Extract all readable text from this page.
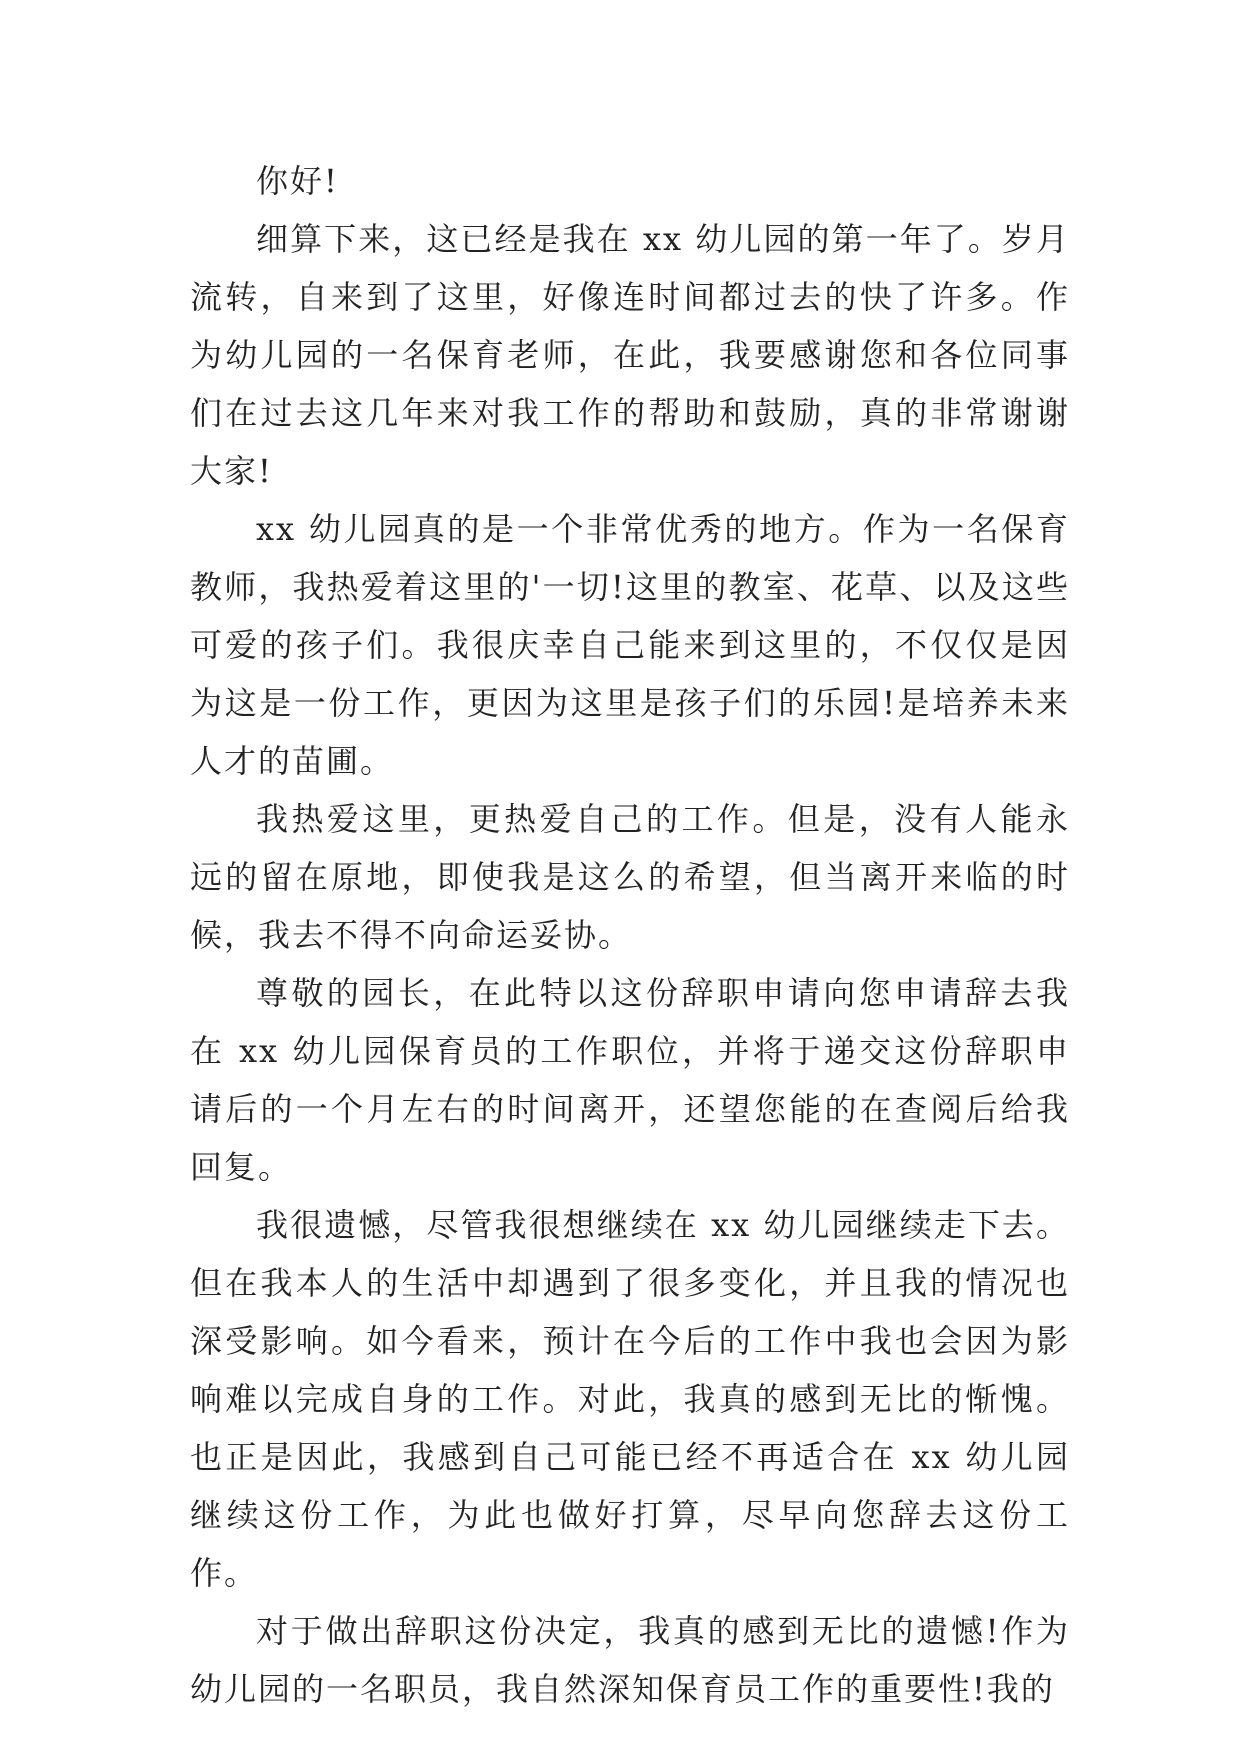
你好!

细算下来，这已经是我在 xx 幼儿园的第一年了。岁月流转，自来到了这里，好像连时间都过去的快了许多。作为幼儿园的一名保育老师，在此，我要感谢您和各位同事们在过去这几年来对我工作的帮助和鼓励，真的非常谢谢大家!

xx 幼儿园真的是一个非常优秀的地方。作为一名保育教师，我热爱着这里的'一切!这里的教室、花草、以及这些可爱的孩子们。我很庆幸自己能来到这里的，不仅仅是因为这是一份工作，更因为这里是孩子们的乐园!是培养未来人才的苗圃。

我热爱这里，更热爱自己的工作。但是，没有人能永远的留在原地，即使我是这么的希望，但当离开来临的时候，我去不得不向命运妥协。

尊敬的园长，在此特以这份辞职申请向您申请辞去我在 xx 幼儿园保育员的工作职位，并将于递交这份辞职申请后的一个月左右的时间离开，还望您能的在查阅后给我回复。

我很遗憾，尽管我很想继续在 xx 幼儿园继续走下去。但在我本人的生活中却遇到了很多变化，并且我的情况也深受影响。如今看来，预计在今后的工作中我也会因为影响难以完成自身的工作。对此，我真的感到无比的惭愧。也正是因此，我感到自己可能已经不再适合在 xx 幼儿园继续这份工作，为此也做好打算，尽早向您辞去这份工作。

对于做出辞职这份决定，我真的感到无比的遗憾!作为幼儿园的一名职员，我自然深知保育员工作的重要性!我的
